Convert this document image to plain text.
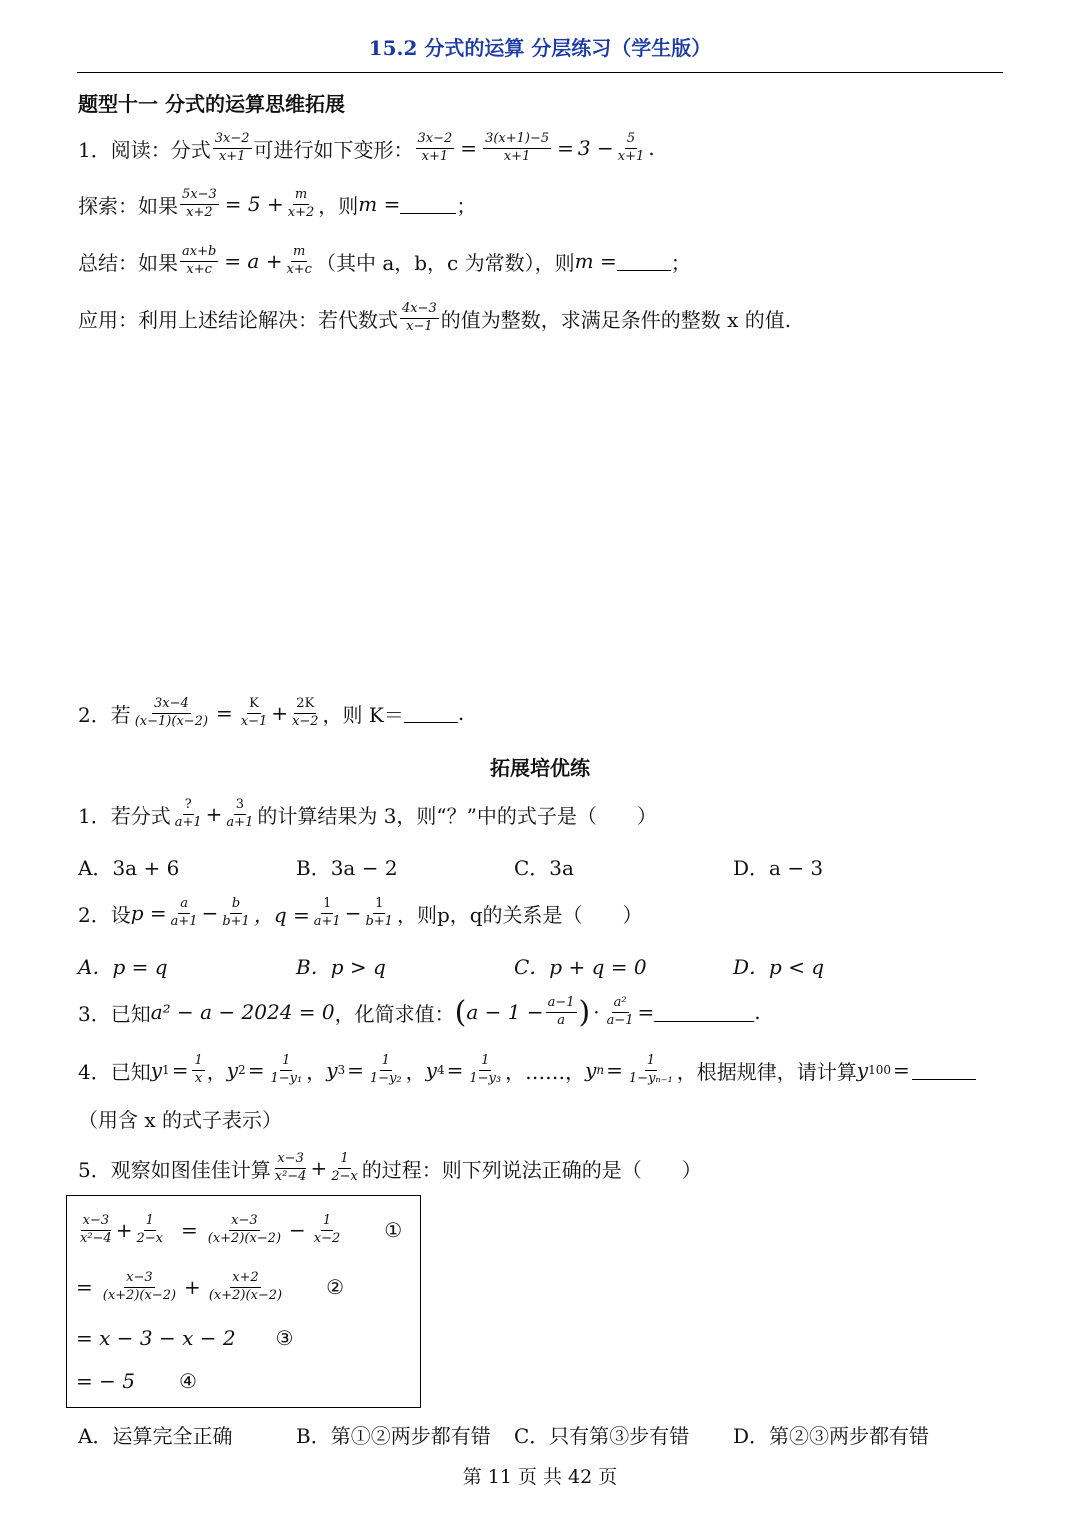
15.2 分式的运算 分层练习（学生版）
题型十一 分式的运算思维拓展
1．阅读：分式 $\frac{3x-2}{x+1}$ 可进行如下变形： $\frac{3x-2}{x+1} = \frac{3(x+1)-5}{x+1} = 3 - \frac{5}{x+1}$ .
探索：如果 $\frac{5x-3}{x+2} = 5 + \frac{m}{x+2}$ ，则 m =	；
总结：如果 $\frac{ax+b}{x+c} = a + \frac{m}{x+c}$ （其中 a，b，c 为常数），则 m =	；
应用：利用上述结论解决：若代数式 $\frac{4x-3}{x-1}$ 的值为整数，求满足条件的整数 x 的值.
2．若 $\frac{3x-4}{(x-1)(x-2)} = \frac{K}{x-1} + \frac{2K}{x-2}$ ，则 K＝	.
拓展培优练
1．若分式 $\frac{?}{a+1} + \frac{3}{a+1}$ 的计算结果为 3，则“？”中的式子是（　　）
A．3a + 6	B．3a − 2	C．3a	D．a − 3
2．设 $p = \frac{a}{a+1} - \frac{b}{b+1}$ ，$q = \frac{1}{a+1} - \frac{1}{b+1}$ ，则p，q的关系是（　　）
A．p = q	B．p > q	C．p + q = 0	D．p < q
3．已知 a² − a − 2024 = 0 ，化简求值： ( $a - 1 - \frac{a-1}{a}$ ) · $\frac{\text{a²}}{a-1}$ =	.
4．已知 y $1 = \frac{1}{x}$ ， y $2 = \frac{1}{\text{1−y₁}}$ ， y $3 = \frac{1}{\text{1−y₂}}$ ， y $4 = \frac{1}{\text{1−y₃}}$ ， ……， y $n = \frac{1}{\text{1−yₙ₋₁}}$ ，根据规律，请计算 y 100 =
（用含 x 的式子表示）
5．观察如图佳佳计算 $\frac{x-3}{\text{x²−4}} + \frac{1}{2-x}$ 的过程：则下列说法正确的是（　　）
$\frac{x-3}{\text{x²−4}} + \frac{1}{2-x} = \frac{x-3}{(x+2)(x-2)} - \frac{1}{x-2}$ ①
= $\frac{x-3}{(x+2)(x-2)} + \frac{x+2}{(x+2)(x-2)}$ ②
= x − 3 − x − 2 ③
= − 5 ④
A．运算完全正确	B．第①②两步都有错 C．只有第③步有错 D．第②③两步都有错
第 11 页 共 42 页
